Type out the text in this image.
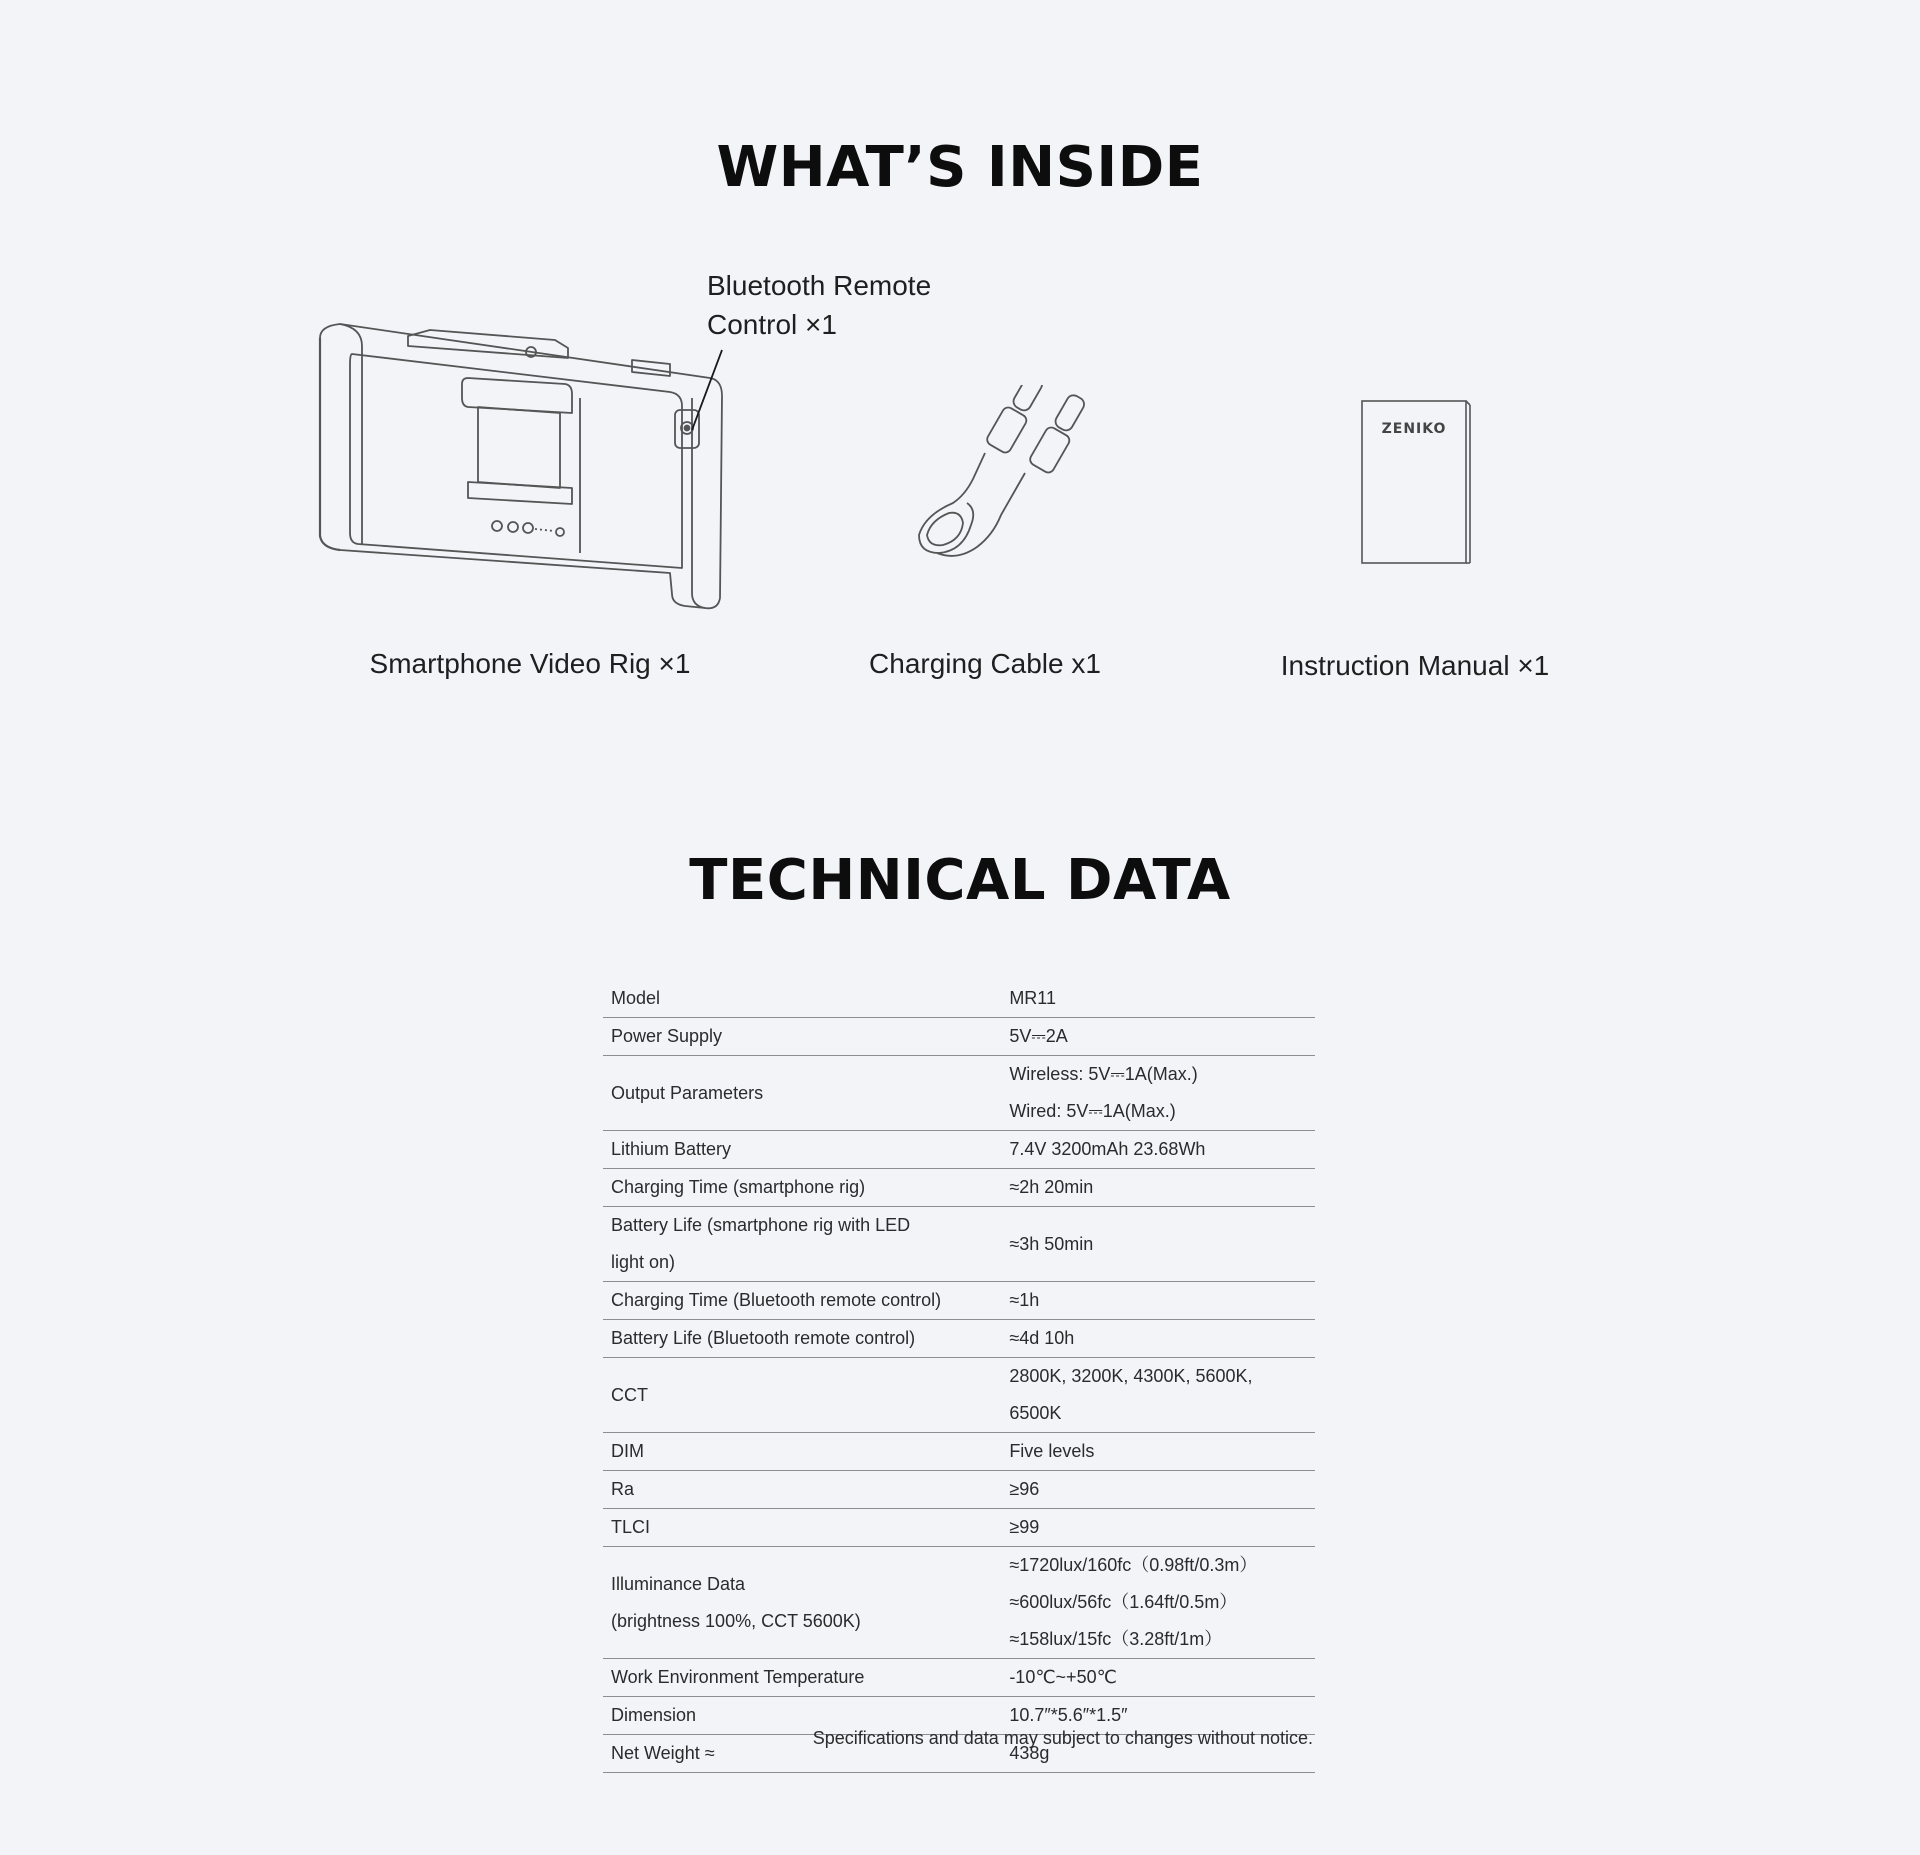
WHAT’S INSIDE
Bluetooth Remote
Control ×1
Smartphone Video Rig ×1	Charging Cable x1
ZENIKO
Instruction Manual ×1
TECHNICAL DATA
Model	MR11

Power Supply	5V⎓2A

Output Parameters	Wireless: 5V⎓1A(Max.)
Wired: 5V⎓1A(Max.)

Lithium Battery	7.4V 3200mAh 23.68Wh

Charging Time (smartphone rig)	≈2h 20min

Battery Life (smartphone rig with LED
light on)	≈3h 50min

Charging Time (Bluetooth remote control)	≈1h

Battery Life (Bluetooth remote control)	≈4d 10h

CCT	2800K, 3200K, 4300K, 5600K, 6500K

DIM	Five levels

Ra	≥96

TLCI	≥99

Illuminance Data
(brightness 100%, CCT 5600K)	≈1720lux/160fc（0.98ft/0.3m）
≈600lux/56fc（1.64ft/0.5m）
≈158lux/15fc（3.28ft/1m）

Work Environment Temperature	-10℃~+50℃

Dimension	10.7″*5.6″*1.5″

Net Weight ≈	438g
Specifications and data may subject to changes without notice.
